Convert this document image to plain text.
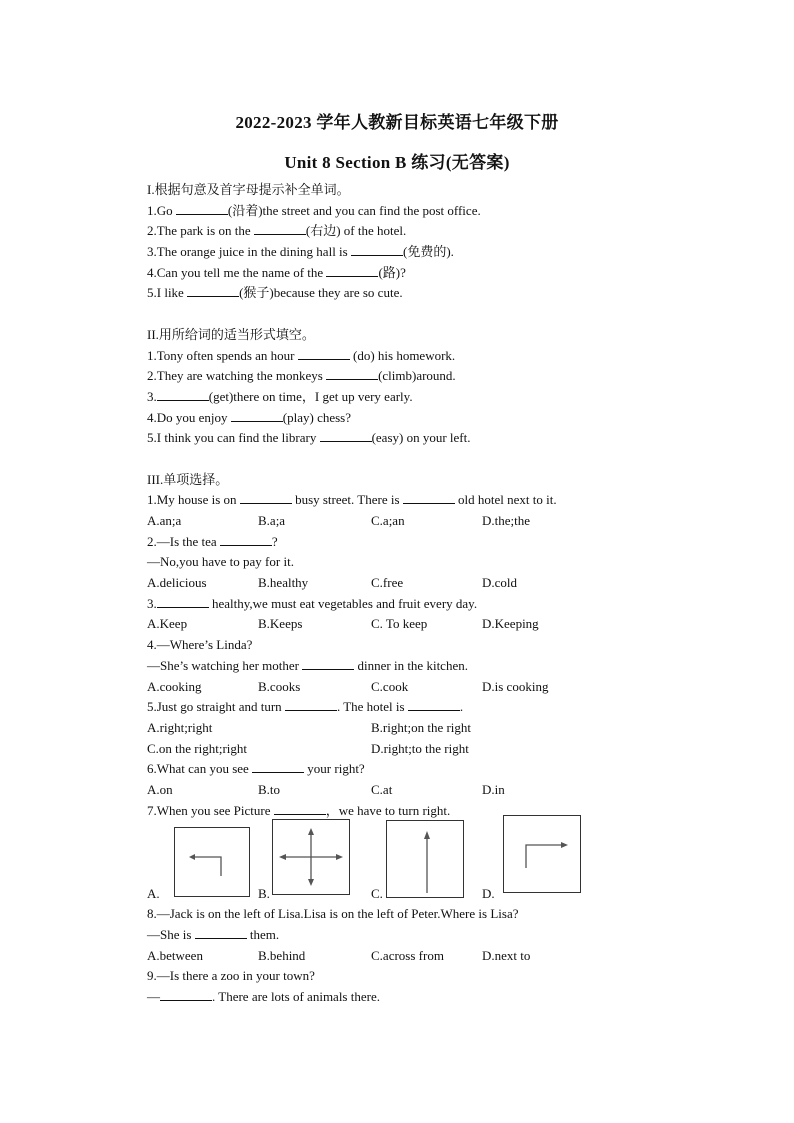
2022-2023 学年人教新目标英语七年级下册
Unit 8 Section B 练习(无答案)
I.根据句意及首字母提示补全单词。
1.Go	(沿着)the street and you can find the post office.
2.The park is on the	(右边) of the hotel.
3.The orange juice in the dining hall is	(免费的).
4.Can you tell me the name of the	(路)?
5.I like	(猴子)because they are so cute.
II.用所给词的适当形式填空。
1.Tony often spends an hour	(do) his homework.
2.They are watching the monkeys	(climb)around.
3.	(get)there on time，I get up very early.
4.Do you enjoy	(play) chess?
5.I think you can find the library	(easy) on your left.
III.单项选择。
1.My house is on	busy street. There is	old hotel next to it.
A.an;a	B.a;a	C.a;an	D.the;the
2.—Is the tea	?
—No,you have to pay for it.
A.delicious	B.healthy	C.free	D.cold
3.	healthy,we must eat vegetables and fruit every day.
A.Keep	B.Keeps	C. To keep	D.Keeping
4.—Where’s Linda?
—She’s watching her mother	dinner in the kitchen.
A.cooking	B.cooks	C.cook	D.is cooking
5.Just go straight and turn	. The hotel is	.
A.right;right	B.right;on the right
C.on the right;right	D.right;to the right
6.What can you see	your right?
A.on	B.to	C.at	D.in
7.When you see Picture	，we have to turn right.
A.	B.	C.	D.
8.—Jack is on the left of Lisa.Lisa is on the left of Peter.Where is Lisa?
—She is	them.
A.between	B.behind	C.across from	D.next to
9.—Is there a zoo in your town?
—	. There are lots of animals there.
